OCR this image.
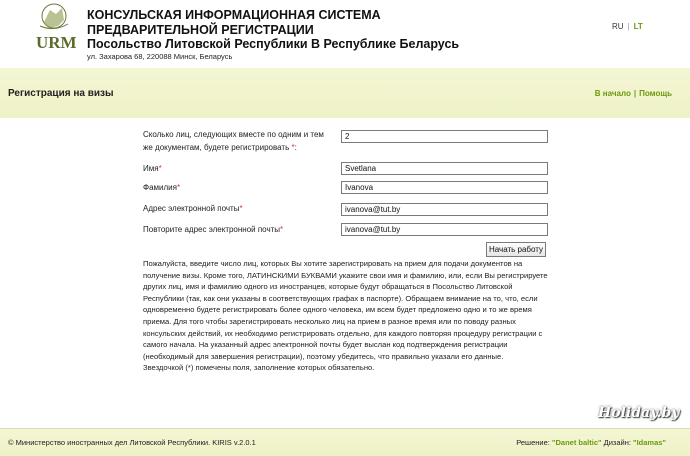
URM
КОНСУЛЬСКАЯ ИНФОРМАЦИОННАЯ СИСТЕМА ПРЕДВАРИТЕЛЬНОЙ РЕГИСТРАЦИИ
Посольство Литовской Республики В Республике Беларусь
ул. Захарова 68, 220088 Минск, Беларусь
RU | LT
Регистрация на визы	В начало | Помощь
Сколько лиц, следующих вместе по одним и тем же документам, будете регистрировать *:
2
Имя*	Svetlana
Фамилия*	Ivanova
Адрес электронной почты*	ivanova@tut.by
Повторите адрес электронной почты*	ivanova@tut.by
Начать работу
Пожалуйста, введите число лиц, которых Вы хотите зарегистрировать на прием для подачи документов на получение визы. Кроме того, ЛАТИНСКИМИ БУКВАМИ укажите свои имя и фамилию, или, если Вы регистрируете других лиц, имя и фамилию одного из иностранцев, которые будут обращаться в Посольство Литовской Республики (так, как они указаны в соответствующих графах в паспорте). Обращаем внимание на то, что, если одновременно будете регистрировать более одного человека, им всем будет предложено одно и то же время приема. Для того чтобы зарегистрировать несколько лиц на прием в разное время или по поводу разных консульских действий, их необходимо регистрировать отдельно, для каждого повторяя процедуру регистрации с самого начала. На указанный адрес электронной почты будет выслан код подтверждения регистрации (необходимый для завершения регистрации), поэтому убедитесь, что правильно указали его данные.
Звездочкой (*) помечены поля, заполнение которых обязательно.
© Министерство иностранных дел Литовской Республики. KIRIS v.2.0.1	Решение: "Danet baltic" Дизайн: "Idamas"
Holiday.by
